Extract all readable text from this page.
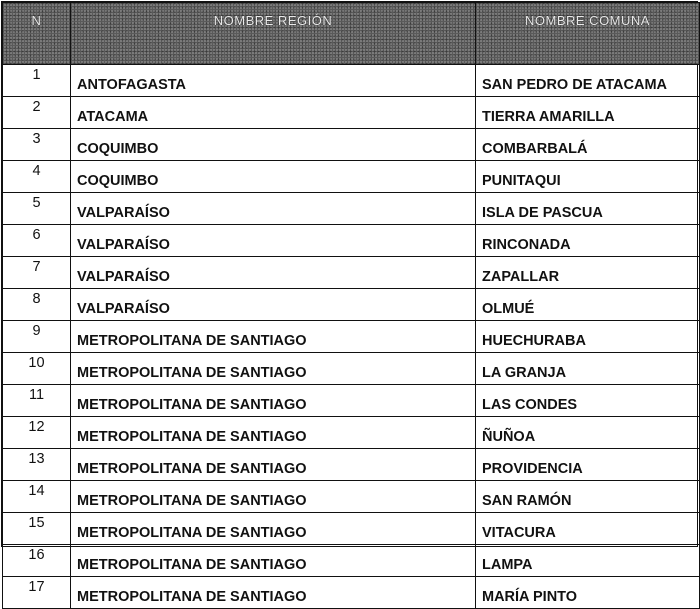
N	NOMBRE REGIÓN	NOMBRE COMUNA
1	ANTOFAGASTA	SAN PEDRO DE ATACAMA
2	ATACAMA	TIERRA AMARILLA
3	COQUIMBO	COMBARBALÁ
4	COQUIMBO	PUNITAQUI
5	VALPARAÍSO	ISLA DE PASCUA
6	VALPARAÍSO	RINCONADA
7	VALPARAÍSO	ZAPALLAR
8	VALPARAÍSO	OLMUÉ
9	METROPOLITANA DE SANTIAGO	HUECHURABA
10	METROPOLITANA DE SANTIAGO	LA GRANJA
11	METROPOLITANA DE SANTIAGO	LAS CONDES
12	METROPOLITANA DE SANTIAGO	ÑUÑOA
13	METROPOLITANA DE SANTIAGO	PROVIDENCIA
14	METROPOLITANA DE SANTIAGO	SAN RAMÓN
15	METROPOLITANA DE SANTIAGO	VITACURA
16	METROPOLITANA DE SANTIAGO	LAMPA
17	METROPOLITANA DE SANTIAGO	MARÍA PINTO
